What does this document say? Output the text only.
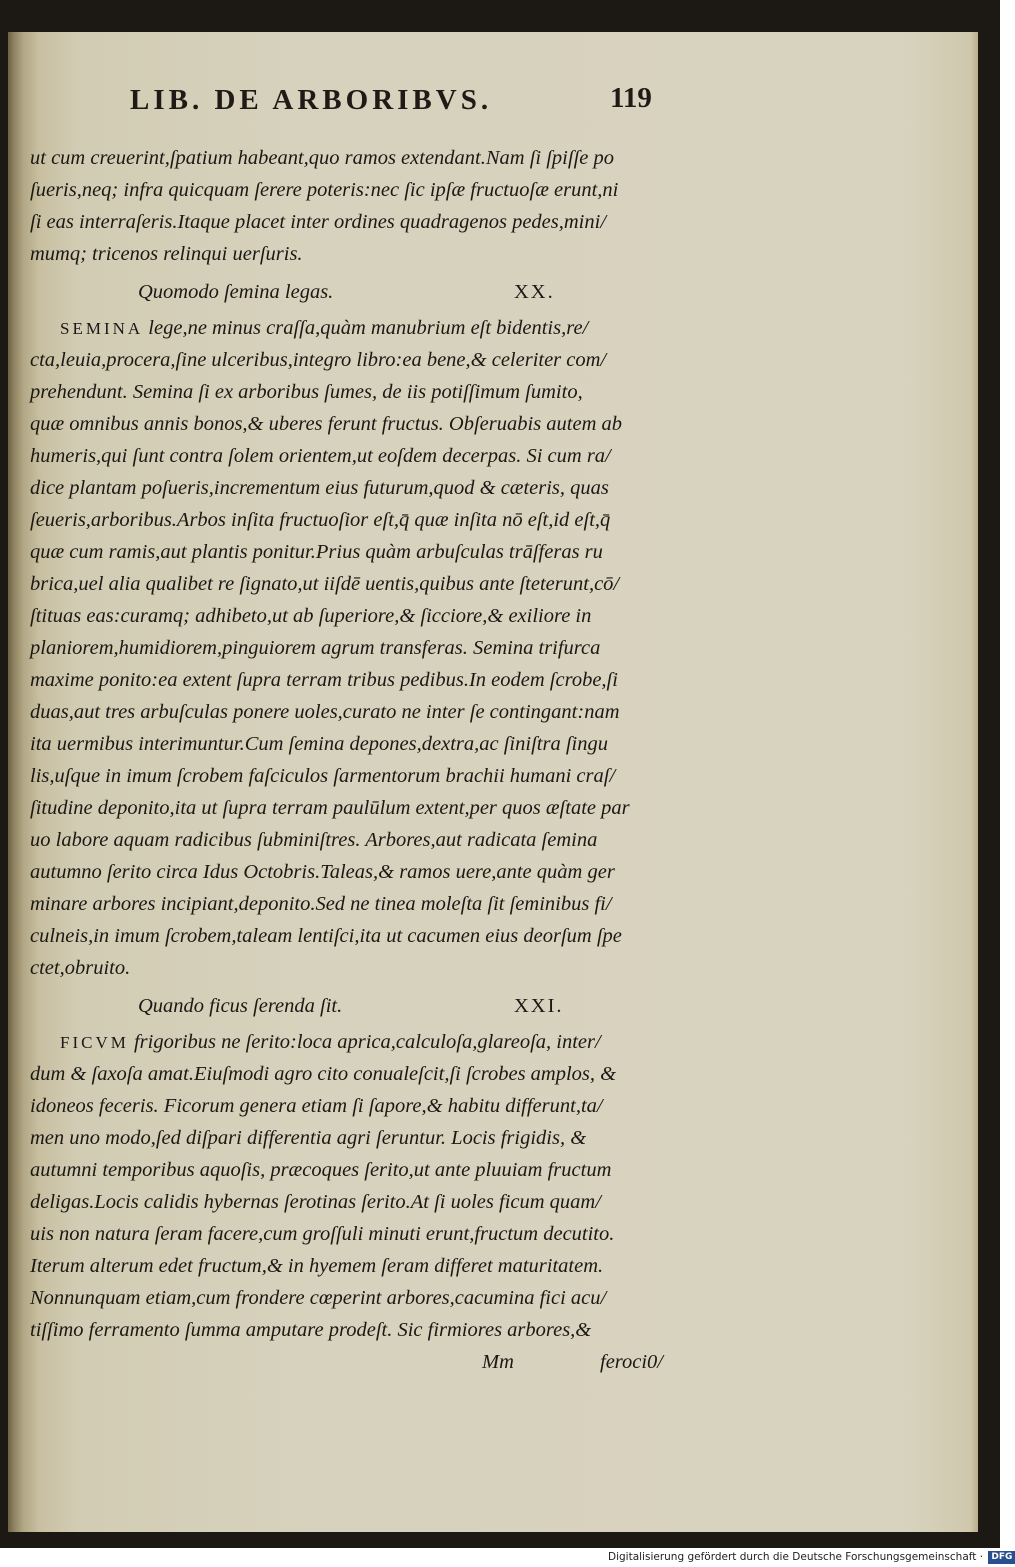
LIB. DE ARBORIBVS.	119
ut cum creuerint,ſpatium habeant,quo ramos extendant.Nam ſi ſpiſſe po
ſueris,neq; infra quicquam ſerere poteris:nec ſic ipſæ fructuoſæ erunt,ni
ſi eas interraſeris.Itaque placet inter ordines quadragenos pedes,mini/
mumq; tricenos relinqui uerſuris.
Quomodo ſemina legas.	XX.
SEMINA lege,ne minus craſſa,quàm manubrium eſt bidentis,re/
cta,leuia,procera,ſine ulceribus,integro libro:ea bene,& celeriter com/
prehendunt. Semina ſi ex arboribus ſumes, de iis potiſſimum ſumito,
quæ omnibus annis bonos,& uberes ferunt fructus. Obſeruabis autem ab
humeris,qui ſunt contra ſolem orientem,ut eoſdem decerpas. Si cum ra/
dice plantam poſueris,incrementum eius futurum,quod & cæteris, quas
ſeueris,arboribus.Arbos inſita fructuoſior eſt,q̄ quæ inſita nō eſt,id eſt,q̄
quæ cum ramis,aut plantis ponitur.Prius quàm arbuſculas trāſferas ru
brica,uel alia qualibet re ſignato,ut iiſdē uentis,quibus ante ſteterunt,cō/
ſtituas eas:curamq; adhibeto,ut ab ſuperiore,& ſicciore,& exiliore in
planiorem,humidiorem,pinguiorem agrum transferas. Semina trifurca
maxime ponito:ea extent ſupra terram tribus pedibus.In eodem ſcrobe,ſi
duas,aut tres arbuſculas ponere uoles,curato ne inter ſe contingant:nam
ita uermibus interimuntur.Cum ſemina depones,dextra,ac ſiniſtra ſingu
lis,uſque in imum ſcrobem faſciculos ſarmentorum brachii humani craſ/
ſitudine deponito,ita ut ſupra terram paulūlum extent,per quos æſtate par
uo labore aquam radicibus ſubminiſtres. Arbores,aut radicata ſemina
autumno ſerito circa Idus Octobris.Taleas,& ramos uere,ante quàm ger
minare arbores incipiant,deponito.Sed ne tinea moleſta ſit ſeminibus fi/
culneis,in imum ſcrobem,taleam lentiſci,ita ut cacumen eius deorſum ſpe
ctet,obruito.
Quando ficus ſerenda ſit.	XXI.
FICVM frigoribus ne ſerito:loca aprica,calculoſa,glareoſa, inter/
dum & ſaxoſa amat.Eiuſmodi agro cito conualeſcit,ſi ſcrobes amplos, &
idoneos feceris. Ficorum genera etiam ſi ſapore,& habitu differunt,ta/
men uno modo,ſed diſpari differentia agri ſeruntur. Locis frigidis, &
autumni temporibus aquoſis, præcoques ſerito,ut ante pluuiam fructum
deligas.Locis calidis hybernas ſerotinas ſerito.At ſi uoles ficum quam/
uis non natura ſeram facere,cum groſſuli minuti erunt,fructum decutito.
Iterum alterum edet fructum,& in hyemem ſeram differet maturitatem.
Nonnunquam etiam,cum frondere cœperint arbores,cacumina fici acu/
tiſſimo ferramento ſumma amputare prodeſt. Sic firmiores arbores,&
Mm	feroci0/
Digitalisierung gefördert durch die Deutsche Forschungsgemeinschaft · DFG
